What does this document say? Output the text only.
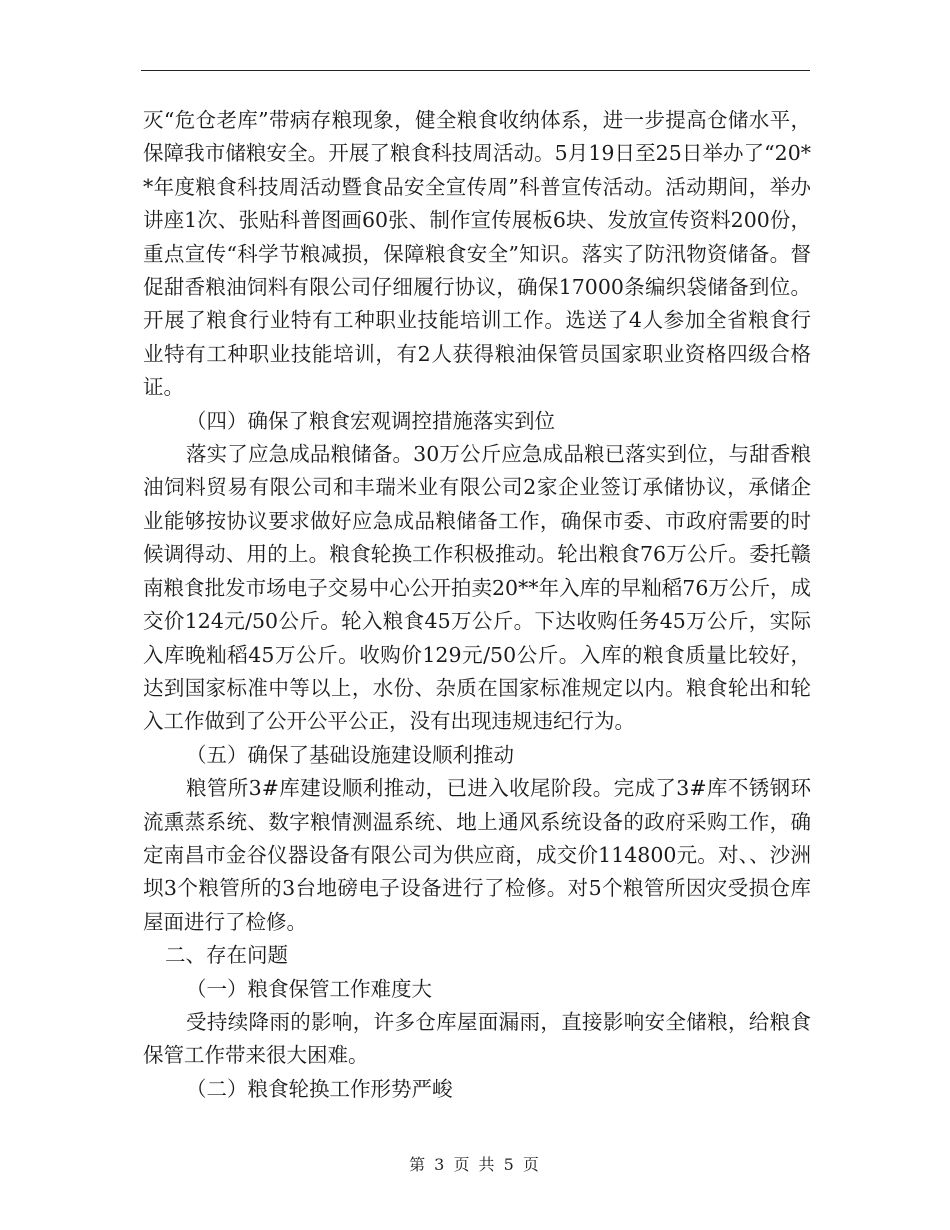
灭“危仓老库”带病存粮现象，健全粮食收纳体系，进一步提高仓储水平，保障我市储粮安全。开展了粮食科技周活动。5月19日至25日举办了“20**年度粮食科技周活动暨食品安全宣传周”科普宣传活动。活动期间，举办讲座1次、张贴科普图画60张、制作宣传展板6块、发放宣传资料200份，重点宣传“科学节粮减损，保障粮食安全”知识。落实了防汛物资储备。督促甜香粮油饲料有限公司仔细履行协议，确保17000条编织袋储备到位。开展了粮食行业特有工种职业技能培训工作。选送了4人参加全省粮食行业特有工种职业技能培训，有2人获得粮油保管员国家职业资格四级合格证。

（四）确保了粮食宏观调控措施落实到位

落实了应急成品粮储备。30万公斤应急成品粮已落实到位，与甜香粮油饲料贸易有限公司和丰瑞米业有限公司2家企业签订承储协议，承储企业能够按协议要求做好应急成品粮储备工作，确保市委、市政府需要的时候调得动、用的上。粮食轮换工作积极推动。轮出粮食76万公斤。委托赣南粮食批发市场电子交易中心公开拍卖20**年入库的早籼稻76万公斤，成交价124元/50公斤。轮入粮食45万公斤。下达收购任务45万公斤，实际入库晚籼稻45万公斤。收购价129元/50公斤。入库的粮食质量比较好，达到国家标准中等以上，水份、杂质在国家标准规定以内。粮食轮出和轮入工作做到了公开公平公正，没有出现违规违纪行为。

（五）确保了基础设施建设顺利推动

粮管所3#库建设顺利推动，已进入收尾阶段。完成了3#库不锈钢环流熏蒸系统、数字粮情测温系统、地上通风系统设备的政府采购工作，确定南昌市金谷仪器设备有限公司为供应商，成交价114800元。对、、沙洲坝3个粮管所的3台地磅电子设备进行了检修。对5个粮管所因灾受损仓库屋面进行了检修。

二、存在问题

（一）粮食保管工作难度大

受持续降雨的影响，许多仓库屋面漏雨，直接影响安全储粮，给粮食保管工作带来很大困难。

（二）粮食轮换工作形势严峻

第 3 页 共 5 页
